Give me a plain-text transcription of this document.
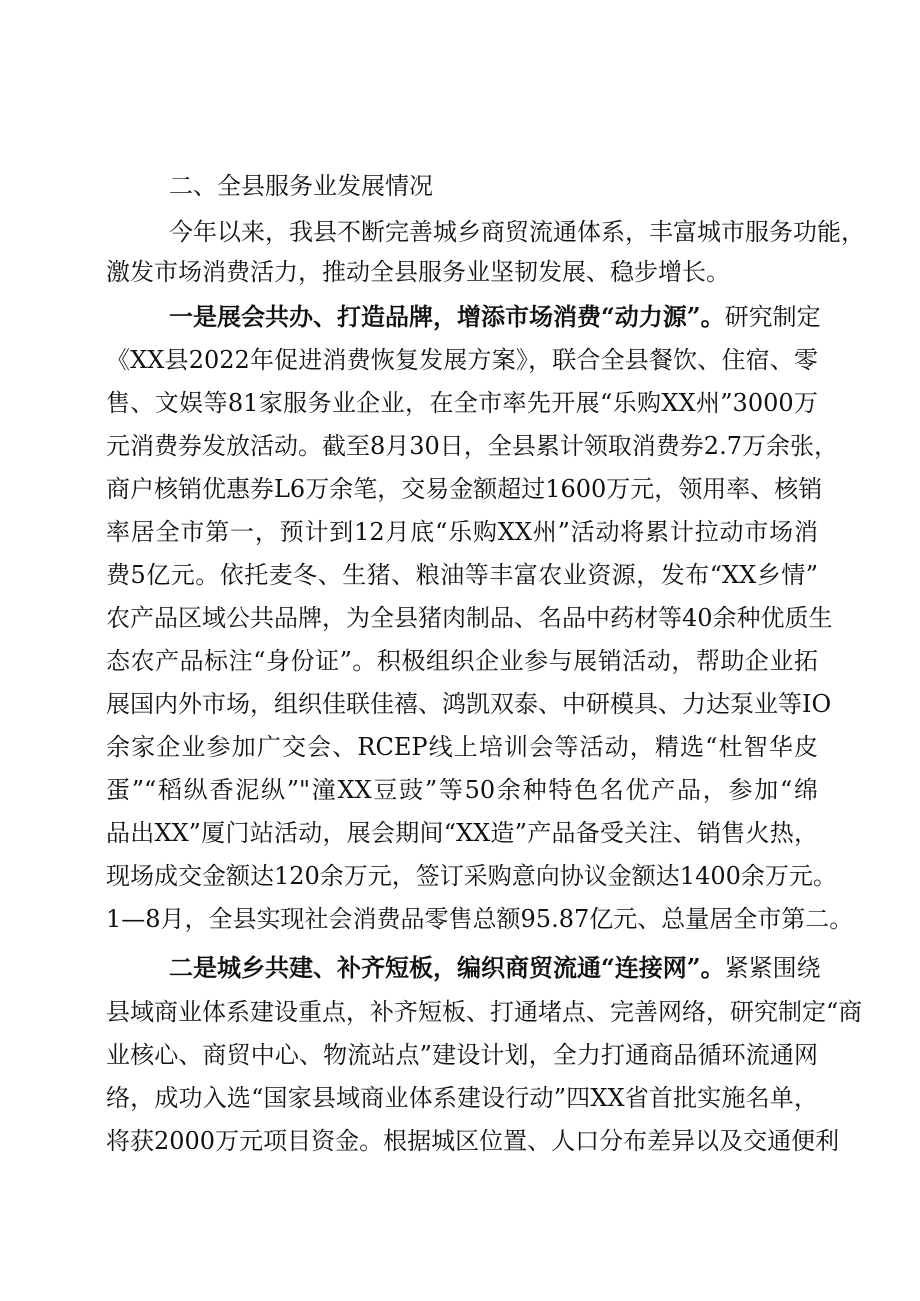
二、全县服务业发展情况
今年以来，我县不断完善城乡商贸流通体系，丰富城市服务功能，
激发市场消费活力，推动全县服务业坚韧发展、稳步增长。
一是展会共办、打造品牌，增添市场消费“动力源”。研究制定
《XX县2022年促进消费恢复发展方案》，联合全县餐饮、住宿、零
售、文娱等81家服务业企业，在全市率先开展“乐购XX州”3000万
元消费券发放活动。截至8月30日，全县累计领取消费券2.7万余张，
商户核销优惠券L6万余笔，交易金额超过1600万元，领用率、核销
率居全市第一，预计到12月底“乐购XX州”活动将累计拉动市场消
费5亿元。依托麦冬、生猪、粮油等丰富农业资源，发布“XX乡情”
农产品区域公共品牌，为全县猪肉制品、名品中药材等40余种优质生
态农产品标注“身份证”。积极组织企业参与展销活动，帮助企业拓
展国内外市场，组织佳联佳禧、鸿凯双泰、中研模具、力达泵业等IO
余家企业参加广交会、RCEP线上培训会等活动，精选“杜智华皮
蛋”“稻纵香泥纵”"潼XX豆豉”等50余种特色名优产品，参加“绵
品出XX”厦门站活动，展会期间“XX造”产品备受关注、销售火热，
现场成交金额达120余万元，签订采购意向协议金额达1400余万元。
1—8月，全县实现社会消费品零售总额95.87亿元、总量居全市第二。
二是城乡共建、补齐短板，编织商贸流通“连接网”。紧紧围绕
县域商业体系建设重点，补齐短板、打通堵点、完善网络，研究制定“商
业核心、商贸中心、物流站点”建设计划，全力打通商品循环流通网
络，成功入选“国家县域商业体系建设行动”四XX省首批实施名单，
将获2000万元项目资金。根据城区位置、人口分布差异以及交通便利
